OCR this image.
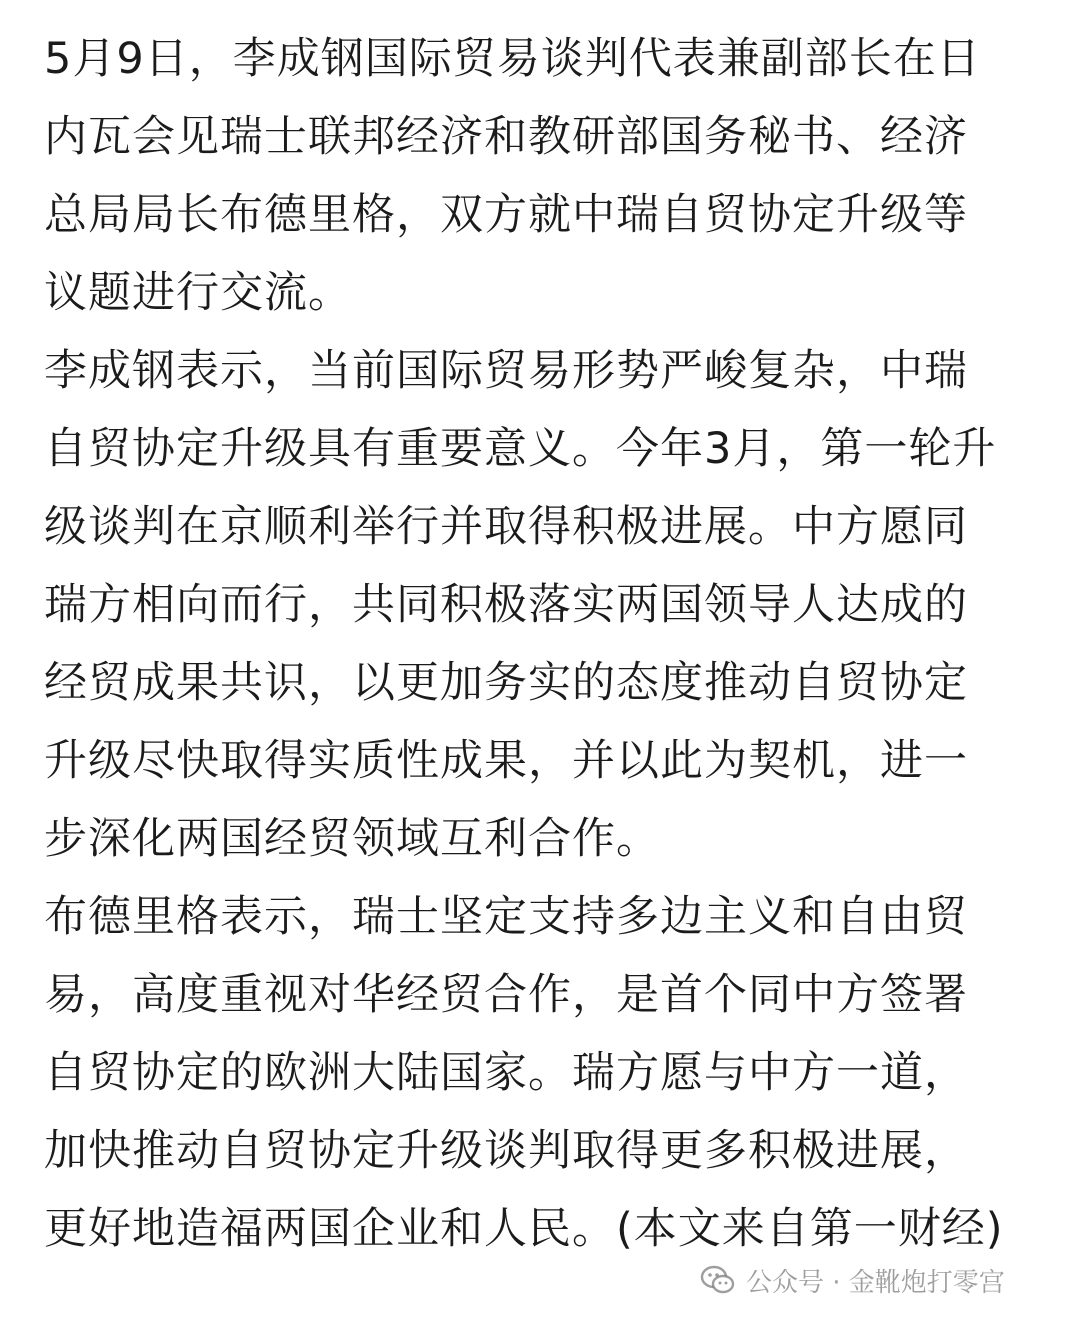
5月9日，李成钢国际贸易谈判代表兼副部长在日
内瓦会见瑞士联邦经济和教研部国务秘书、经济
总局局长布德里格，双方就中瑞自贸协定升级等
议题进行交流。
李成钢表示，当前国际贸易形势严峻复杂，中瑞
自贸协定升级具有重要意义。今年3月，第一轮升
级谈判在京顺利举行并取得积极进展。中方愿同
瑞方相向而行，共同积极落实两国领导人达成的
经贸成果共识，以更加务实的态度推动自贸协定
升级尽快取得实质性成果，并以此为契机，进一
步深化两国经贸领域互利合作。
布德里格表示，瑞士坚定支持多边主义和自由贸
易，高度重视对华经贸合作，是首个同中方签署
自贸协定的欧洲大陆国家。瑞方愿与中方一道，
加快推动自贸协定升级谈判取得更多积极进展，
更好地造福两国企业和人民。(本文来自第一财经)
公众号 · 金靴炮打零宫
